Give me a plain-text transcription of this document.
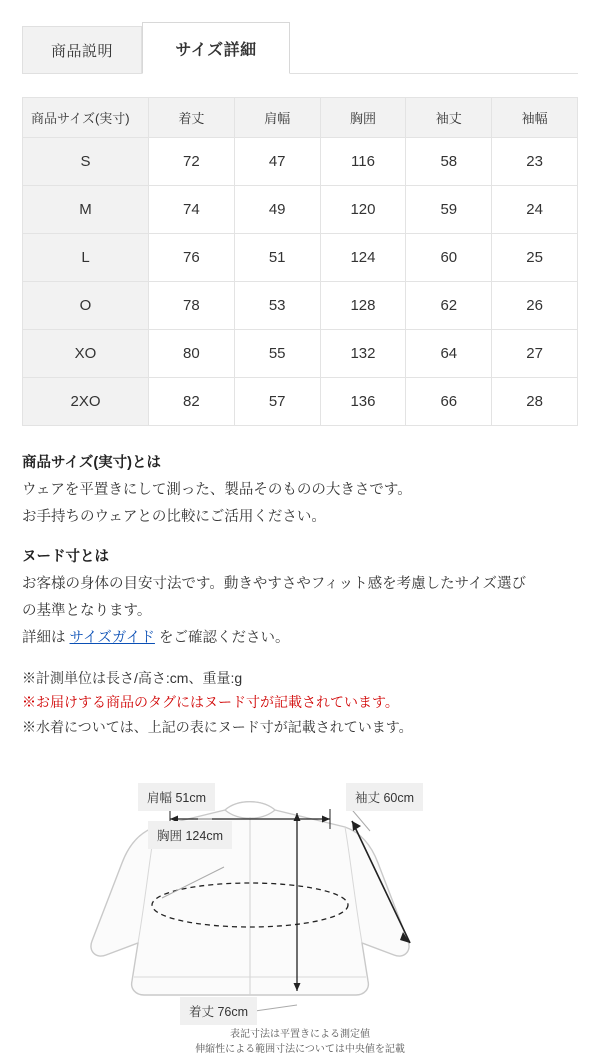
商品説明	サイズ詳細
商品サイズ(実寸)	着丈	肩幅	胸囲	袖丈	袖幅
S	72	47	116	58	23
M	74	49	120	59	24
L	76	51	124	60	25
O	78	53	128	62	26
XO	80	55	132	64	27
2XO	82	57	136	66	28

商品サイズ(実寸)とは

ウェアを平置きにして測った、製品そのものの大きさです。

お手持ちのウェアとの比較にご活用ください。

ヌード寸とは

お客様の身体の目安寸法です。動きやすさやフィット感を考慮したサイズ選び

の基準となります。

詳細は サイズガイド をご確認ください。

※計測単位は長さ/高さ:cm、重量:g

※お届けする商品のタグにはヌード寸が記載されています。

※水着については、上記の表にヌード寸が記載されています。

肩幅 51cm
胸囲 124cm
袖丈 60cm
着丈 76cm
表記寸法は平置きによる測定値
伸縮性による範囲寸法については中央値を記載
